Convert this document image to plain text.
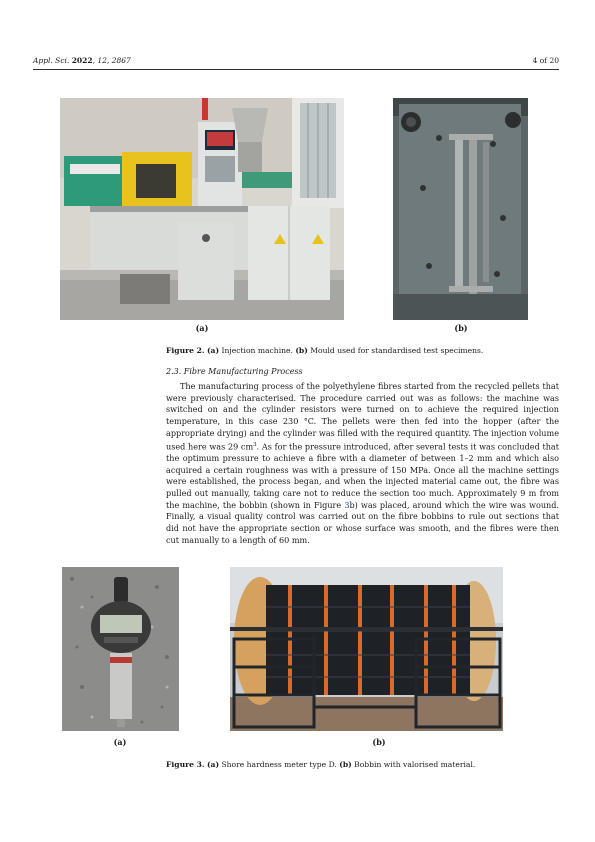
Appl. Sci. 2022, 12, 2867	4 of 20
(a)	(b)
Figure 2. (a) Injection machine. (b) Mould used for standardised test specimens.
2.3. Fibre Manufacturing Process

The manufacturing process of the polyethylene fibres started from the recycled pellets that were previously characterised. The procedure carried out was as follows: the machine was switched on and the cylinder resistors were turned on to achieve the required injection temperature, in this case 230 °C. The pellets were then fed into the hopper (after the appropriate drying) and the cylinder was filled with the required quantity. The injection volume used here was 29 $cm^3$. As for the pressure introduced, after several tests it was concluded that the optimum pressure to achieve a fibre with a diameter of between 1–2 mm and which also acquired a certain roughness was with a pressure of 150 MPa. Once all the machine settings were established, the process began, and when the injected material came out, the fibre was pulled out manually, taking care not to reduce the section too much. Approximately 9 m from the machine, the bobbin (shown in Figure 3b) was placed, around which the wire was wound. Finally, a visual quality control was carried out on the fibre bobbins to rule out sections that did not have the appropriate section or whose surface was smooth, and the fibres were then cut manually to a length of 60 mm.

(a)	(b)
Figure 3. (a) Shore hardness meter type D. (b) Bobbin with valorised material.
